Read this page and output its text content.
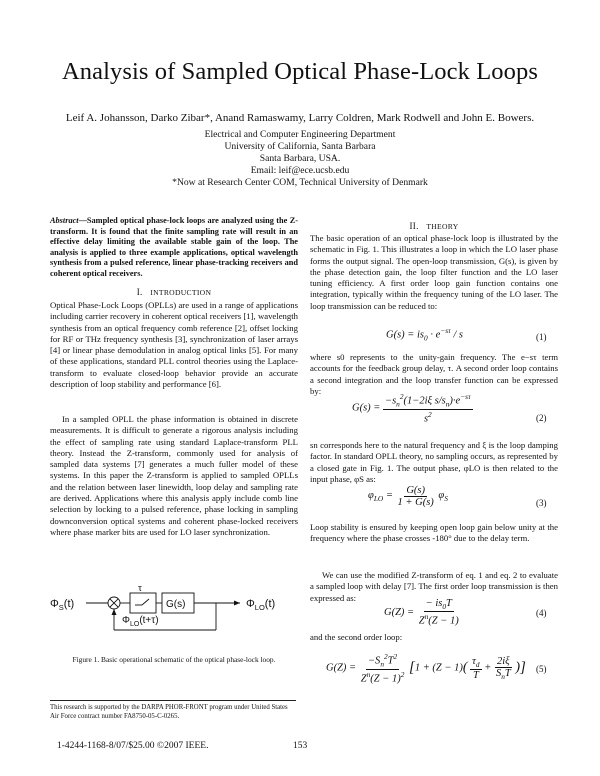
Analysis of Sampled Optical Phase-Lock Loops
Leif A. Johansson, Darko Zibar*, Anand Ramaswamy, Larry Coldren, Mark Rodwell and John E. Bowers.
Electrical and Computer Engineering Department
University of California, Santa Barbara
Santa Barbara, USA.
Email: leif@ece.ucsb.edu
*Now at Research Center COM, Technical University of Denmark
Abstract—Sampled optical phase-lock loops are analyzed using the Z-transform. It is found that the finite sampling rate will result in an effective delay limiting the available stable gain of the loop. The analysis is applied to three example applications, optical wavelength synthesis from a pulsed reference, linear phase-tracking receivers and coherent optical receivers.
I. INTRODUCTION
Optical Phase-Lock Loops (OPLLs) are used in a range of applications including carrier recovery in coherent optical receivers [1], wavelength synthesis from an optical frequency comb reference [2], offset locking for RF or THz frequency synthesis [3], synchronization of laser arrays [4] or linear phase demodulation in analog optical links [5]. For many of these applications, standard PLL control theories using the Laplace-transform to evaluate closed-loop behavior provide an accurate description of loop stability and performance [6].
In a sampled OPLL the phase information is obtained in discrete measurements. It is difficult to generate a rigorous analysis including the effect of sampling rate using standard Laplace-transform PLL theory. Instead the Z-transform, commonly used for analysis of sampled data systems [7] generates a much fuller model of these systems. In this paper the Z-transform is applied to sampled OPLLs and the relation between laser linewidth, loop delay and sampling rate are derived. Applications where this analysis apply include comb line selection by locking to a pulsed reference, phase locking in sampling downconversion optical systems and coherent phase-locked receivers where phase marker bits are used for LO laser synchronization.
$\Phi_S(t)$
τ
G(s)	$\Phi_{LO}(t)$
$\Phi_{LO}(t+\tau)$
Figure 1. Basic operational schematic of the optical phase-lock loop.
This research is supported by the DARPA PHOR-FRONT program under United States Air Force contract number FA8750-05-C-0265.
II. THEORY
The basic operation of an optical phase-lock loop is illustrated by the schematic in Fig. 1. This illustrates a loop in which the LO laser phase forms the output signal. The open-loop transmission, G(s), is given by the phase detection gain, the loop filter function and the LO laser tuning efficiency. A first order loop gain function contains one integration, typically within the frequency tuning of the LO laser. The loop transmission can be reduced to:
$G(s) = is_0 \cdot e^{-s\tau} / s$	(1)
where s0 represents to the unity-gain frequency. The e−sτ term accounts for the feedback group delay, τ. A second order loop contains a second integration and the loop transfer function can be expressed by:
$G(s) = \frac{-s_n^2(1-2i\xi s/s_n)\cdot e^{-s\tau}}{s^2}$	(2)
sn corresponds here to the natural frequency and ξ is the loop damping factor. In standard OPLL theory, no sampling occurs, as represented by a closed gate in Fig. 1. The output phase, φLO is then related to the input phase, φS as:
$\varphi_{LO} = \frac{G(s)}{1 + G(s)} \varphi_S$	(3)
Loop stability is ensured by keeping open loop gain below unity at the frequency where the phase crosses -180° due to the delay term.
We can use the modified Z-transform of eq. 1 and eq. 2 to evaluate a sampled loop with delay [7]. The first order loop transmission is then expressed as:
$G(Z) = \frac{- is_0T}{Z^n(Z - 1)}$	(4)
and the second order loop:
$G(Z) = \frac{-S_n^2T^2}{Z^n(Z - 1)^2} [1 + (Z - 1)( \frac{\tau_d}{T} + \frac{2i\xi}{S_nT}$ )] (5)
1-4244-1168-8/07/$25.00 ©2007 IEEE.	153
